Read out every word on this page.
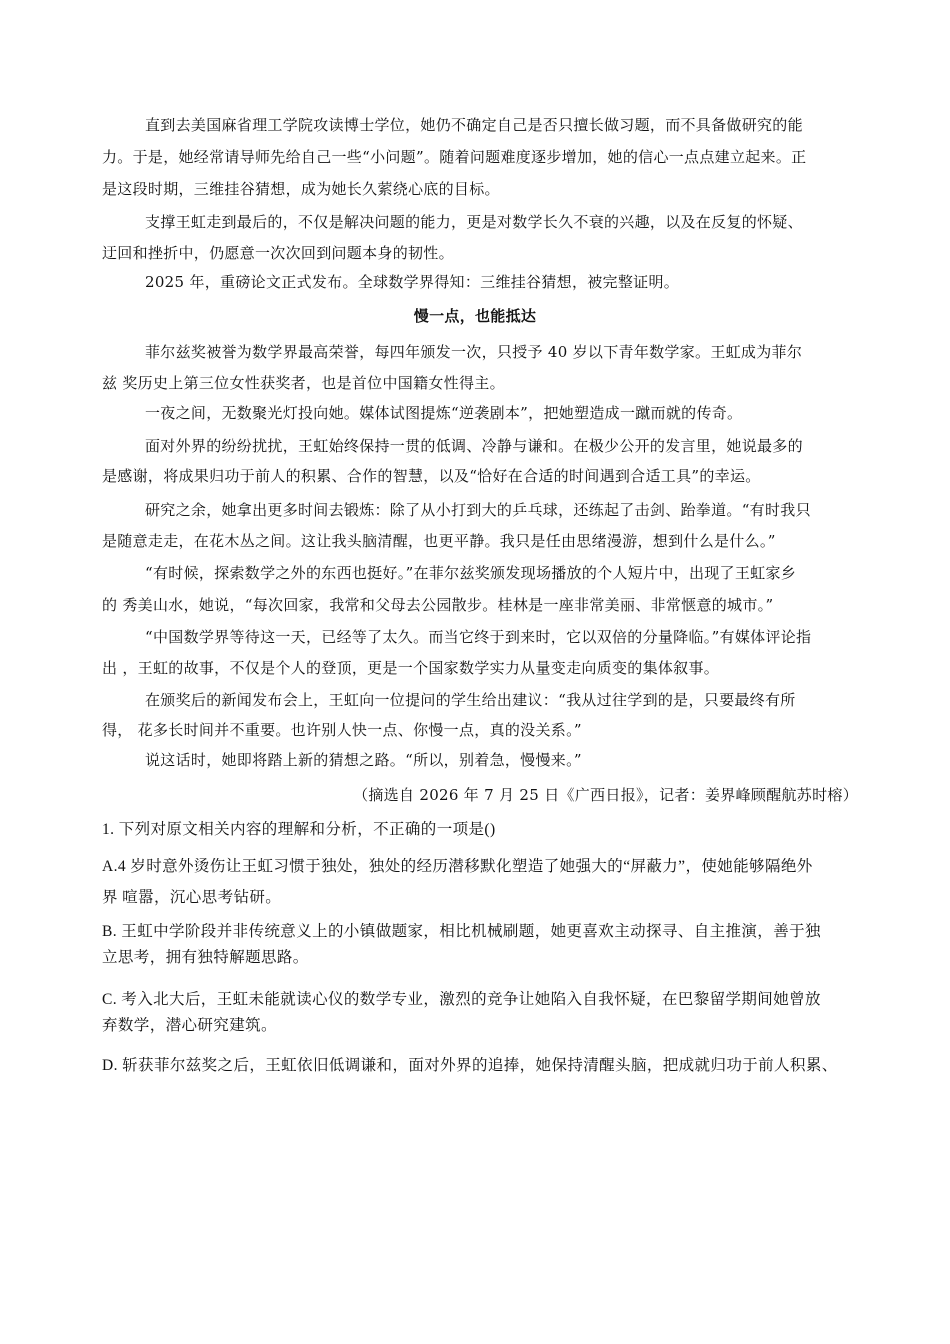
直到去美国麻省理工学院攻读博士学位，她仍不确定自己是否只擅长做习题，而不具备做研究的能
力。于是，她经常请导师先给自己一些“小问题”。随着问题难度逐步增加，她的信心一点点建立起来。正
是这段时期，三维挂谷猜想，成为她长久萦绕心底的目标。
支撑王虹走到最后的，不仅是解决问题的能力，更是对数学长久不衰的兴趣，以及在反复的怀疑、
迂回和挫折中，仍愿意一次次回到问题本身的韧性。
2025 年，重磅论文正式发布。全球数学界得知：三维挂谷猜想，被完整证明。
慢一点，也能抵达
菲尔兹奖被誉为数学界最高荣誉，每四年颁发一次，只授予 40 岁以下青年数学家。王虹成为菲尔
兹 奖历史上第三位女性获奖者，也是首位中国籍女性得主。
一夜之间，无数聚光灯投向她。媒体试图提炼“逆袭剧本”，把她塑造成一蹴而就的传奇。
面对外界的纷纷扰扰，王虹始终保持一贯的低调、冷静与谦和。在极少公开的发言里，她说最多的
是感谢，将成果归功于前人的积累、合作的智慧，以及“恰好在合适的时间遇到合适工具”的幸运。
研究之余，她拿出更多时间去锻炼：除了从小打到大的乒乓球，还练起了击剑、跆拳道。“有时我只
是随意走走，在花木丛之间。这让我头脑清醒，也更平静。我只是任由思绪漫游，想到什么是什么。”
“有时候，探索数学之外的东西也挺好。”在菲尔兹奖颁发现场播放的个人短片中，出现了王虹家乡
的 秀美山水，她说，“每次回家，我常和父母去公园散步。桂林是一座非常美丽、非常惬意的城市。”
“中国数学界等待这一天，已经等了太久。而当它终于到来时，它以双倍的分量降临。”有媒体评论指
出 ，王虹的故事，不仅是个人的登顶，更是一个国家数学实力从量变走向质变的集体叙事。
在颁奖后的新闻发布会上，王虹向一位提问的学生给出建议：“我从过往学到的是，只要最终有所
得， 花多长时间并不重要。也许别人快一点、你慢一点，真的没关系。”
说这话时，她即将踏上新的猜想之路。“所以，别着急，慢慢来。”
（摘选自 2026 年 7 月 25 日《广西日报》，记者：姜界峰顾醒航苏时榕）
1. 下列对原文相关内容的理解和分析，不正确的一项是()
A.4 岁时意外烫伤让王虹习惯于独处，独处的经历潜移默化塑造了她强大的“屏蔽力”，使她能够隔绝外
界 喧嚣，沉心思考钻研。
B. 王虹中学阶段并非传统意义上的小镇做题家，相比机械刷题，她更喜欢主动探寻、自主推演，善于独
立思考，拥有独特解题思路。
C. 考入北大后，王虹未能就读心仪的数学专业，激烈的竞争让她陷入自我怀疑，在巴黎留学期间她曾放
弃数学，潜心研究建筑。
D. 斩获菲尔兹奖之后，王虹依旧低调谦和，面对外界的追捧，她保持清醒头脑，把成就归功于前人积累、
